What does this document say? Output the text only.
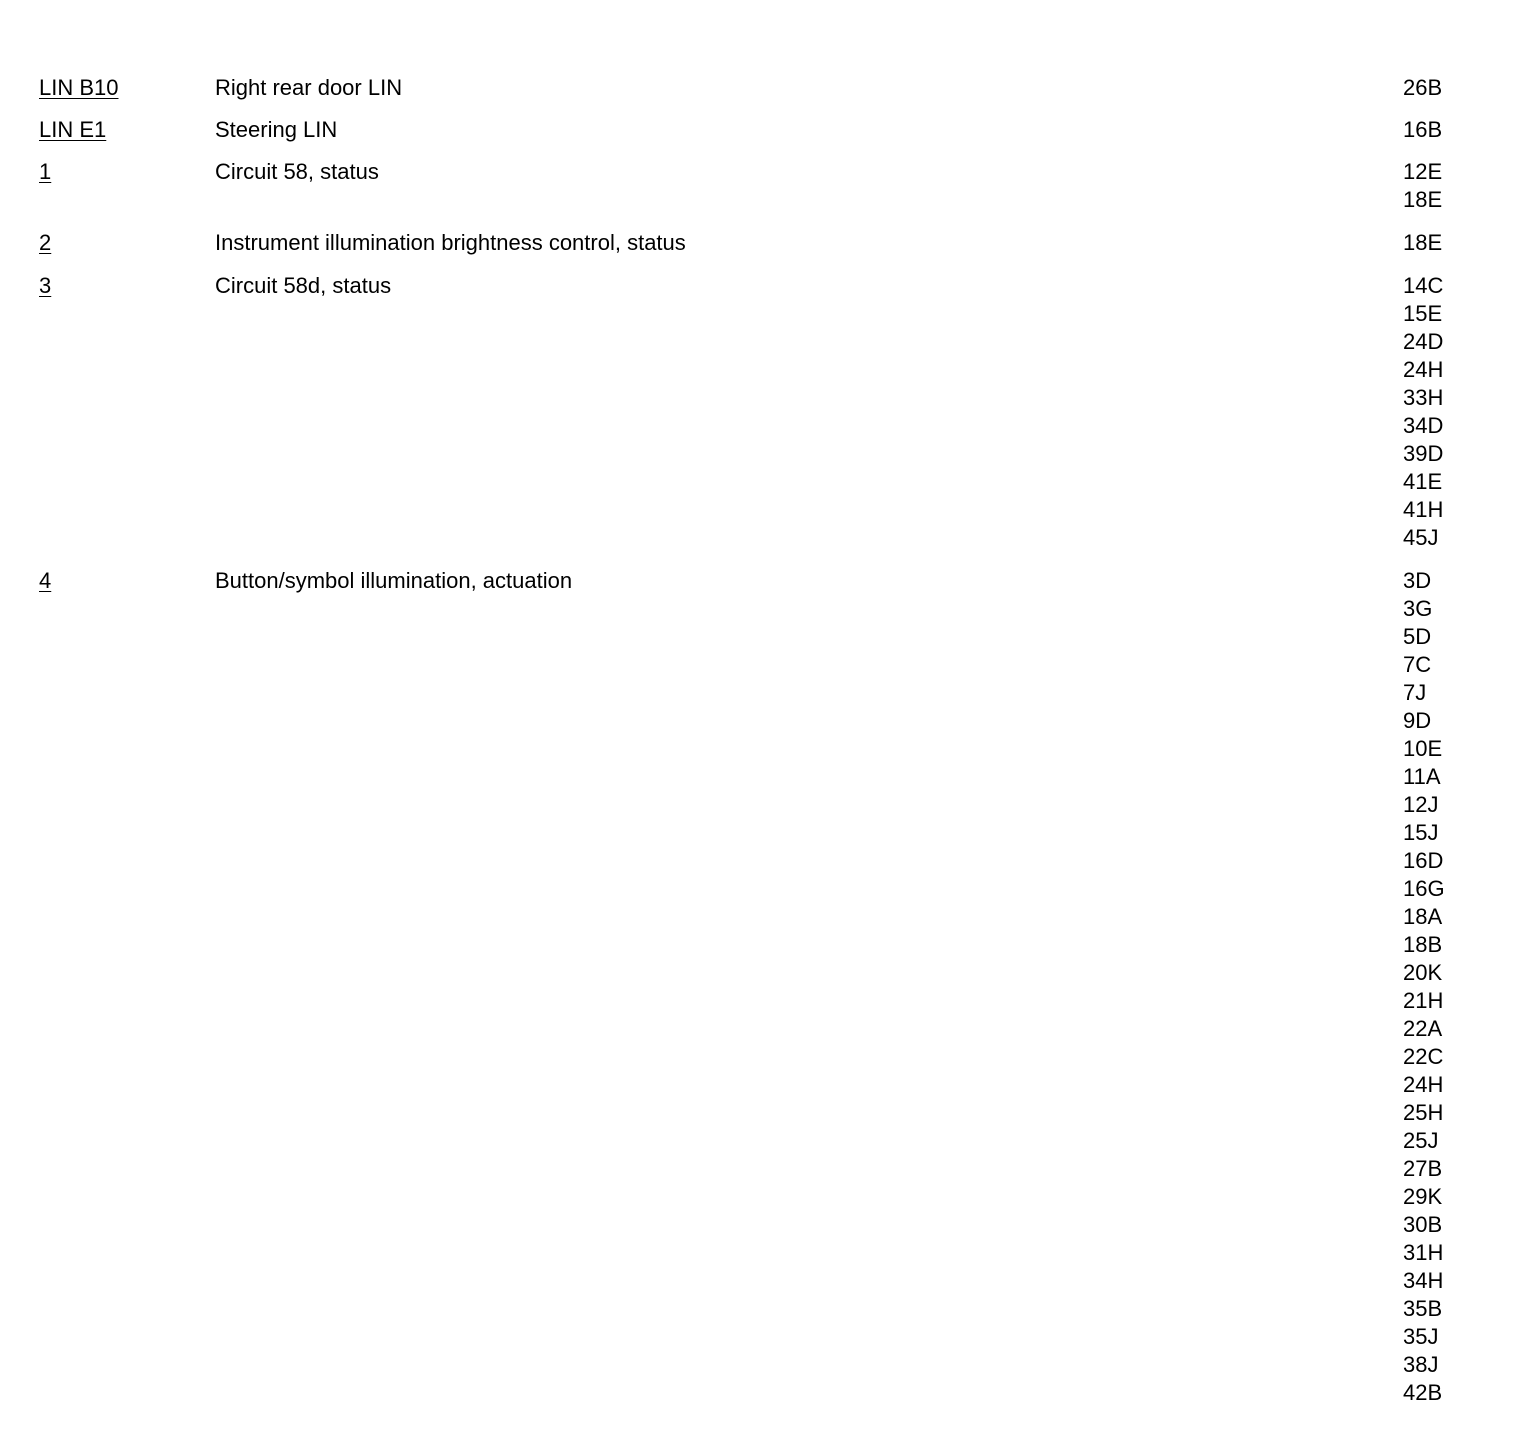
LIN B10	Right rear door LIN	26B
LIN E1	Steering LIN	16B
1	Circuit 58, status	12E
18E
2	Instrument illumination brightness control, status	18E
3	Circuit 58d, status	14C
15E
24D
24H
33H
34D
39D
41E
41H
45J
4	Button/symbol illumination, actuation	3D
3G
5D
7C
7J
9D
10E
11A
12J
15J
16D
16G
18A
18B
20K
21H
22A
22C
24H
25H
25J
27B
29K
30B
31H
34H
35B
35J
38J
42B
